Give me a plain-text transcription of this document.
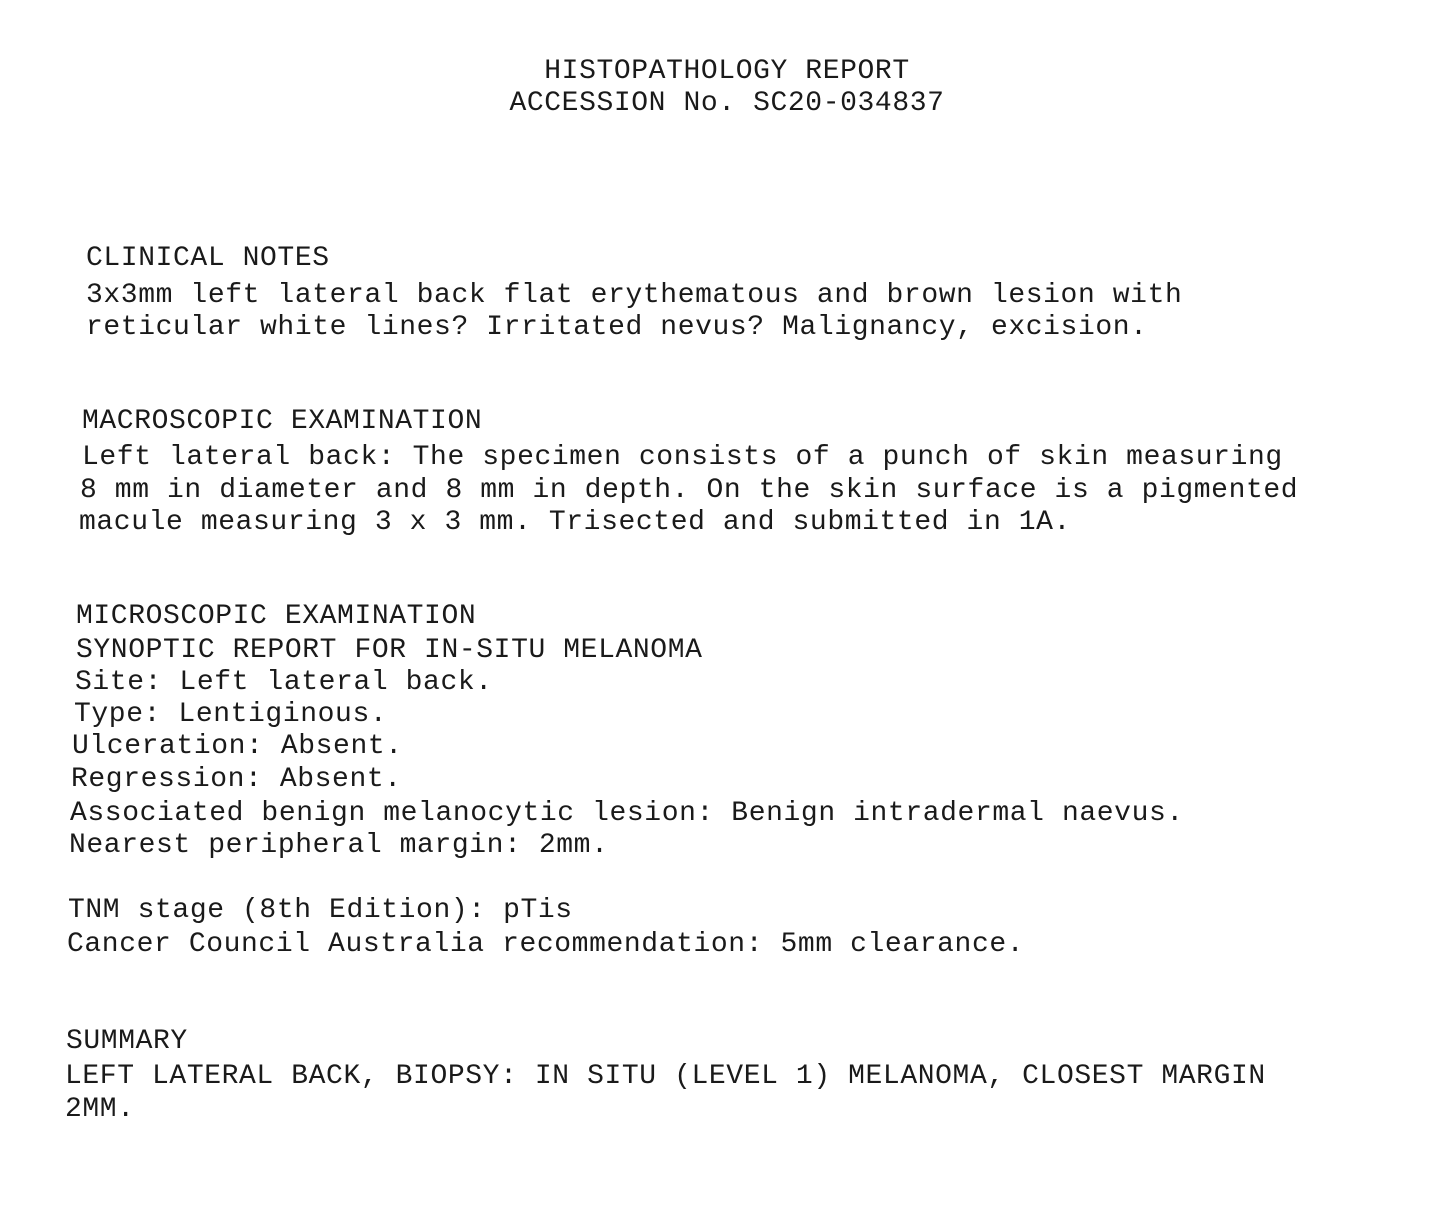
HISTOPATHOLOGY REPORT
ACCESSION No. SC20-034837
CLINICAL NOTES
3x3mm left lateral back flat erythematous and brown lesion with
reticular white lines? Irritated nevus? Malignancy, excision.
MACROSCOPIC EXAMINATION
Left lateral back: The specimen consists of a punch of skin measuring
8 mm in diameter and 8 mm in depth. On the skin surface is a pigmented
macule measuring 3 x 3 mm. Trisected and submitted in 1A.
MICROSCOPIC EXAMINATION
SYNOPTIC REPORT FOR IN-SITU MELANOMA
Site: Left lateral back.
Type: Lentiginous.
Ulceration: Absent.
Regression: Absent.
Associated benign melanocytic lesion: Benign intradermal naevus.
Nearest peripheral margin: 2mm.
TNM stage (8th Edition): pTis
Cancer Council Australia recommendation: 5mm clearance.
SUMMARY
LEFT LATERAL BACK, BIOPSY: IN SITU (LEVEL 1) MELANOMA, CLOSEST MARGIN
2MM.
